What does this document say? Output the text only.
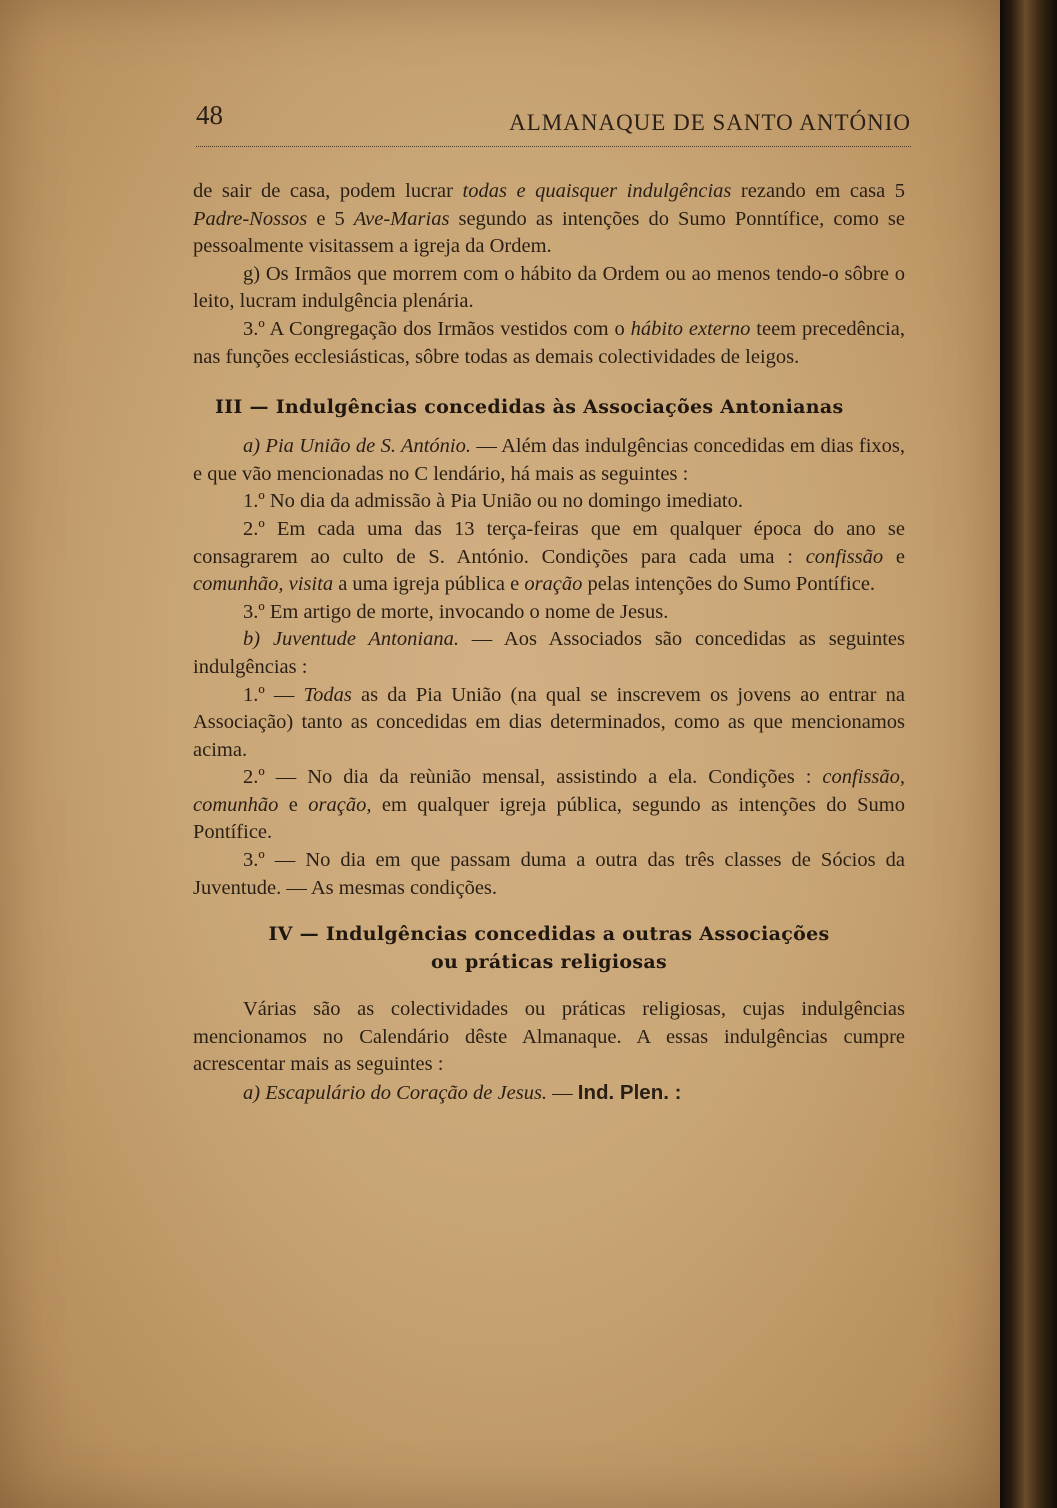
48	ALMANAQUE DE SANTO ANTÓNIO

de sair de casa, podem lucrar todas e quaisquer indulgências rezando em casa 5 Padre-Nossos e 5 Ave-Marias segundo as intenções do Sumo Ponntífice, como se pessoalmente visitassem a igreja da Ordem.

g) Os Irmãos que morrem com o hábito da Ordem ou ao menos tendo-o sôbre o leito, lucram indulgência plenária.

3.º A Congregação dos Irmãos vestidos com o hábito externo teem precedência, nas funções ecclesiásticas, sôbre todas as demais colectividades de leigos.

III — Indulgências concedidas às Associações Antonianas

a) Pia União de S. António. — Além das indulgências concedidas em dias fixos, e que vão mencionadas no C lendário, há mais as seguintes :

1.º No dia da admissão à Pia União ou no domingo imediato.

2.º Em cada uma das 13 terça-feiras que em qualquer época do ano se consagrarem ao culto de S. António. Condições para cada uma : confissão e comunhão, visita a uma igreja pública e oração pelas intenções do Sumo Pontífice.

3.º Em artigo de morte, invocando o nome de Jesus.

b) Juventude Antoniana. — Aos Associados são concedidas as seguintes indulgências :

1.º — Todas as da Pia União (na qual se inscrevem os jovens ao entrar na Associação) tanto as concedidas em dias determinados, como as que mencionamos acima.

2.º — No dia da reùnião mensal, assistindo a ela. Condições : confissão, comunhão e oração, em qualquer igreja pública, segundo as intenções do Sumo Pontífice.

3.º — No dia em que passam duma a outra das três classes de Sócios da Juventude. — As mesmas condições.

IV — Indulgências concedidas a outras Associações
ou práticas religiosas

Várias são as colectividades ou práticas religiosas, cujas indulgências mencionamos no Calendário dêste Almanaque. A essas indulgências cumpre acrescentar mais as seguintes :

a) Escapulário do Coração de Jesus. — Ind. Plen. :
